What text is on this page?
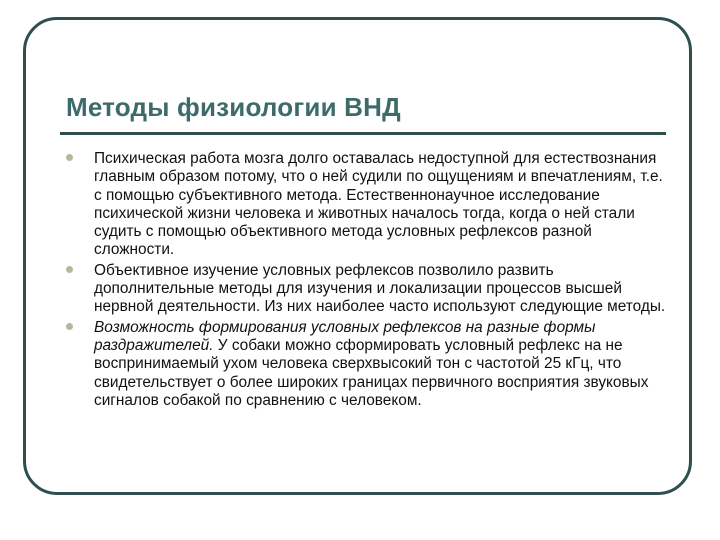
Методы физиологии ВНД
Психическая работа мозга долго оставалась недоступной для естествознания главным образом потому, что о ней судили по ощущениям и впечатлениям, т.е. с помощью субъективного метода. Естественнонаучное исследование психической жизни человека и животных началось тогда, когда о ней стали судить с помощью объективного метода условных рефлексов разной сложности.
Объективное изучение условных рефлексов позволило развить дополнительные методы для изучения и локализации процессов высшей нервной деятельности. Из них наиболее часто используют следующие методы.
Возможность формирования условных рефлексов на разные формы раздражителей. У собаки можно сформировать условный рефлекс на не воспринимаемый ухом человека сверхвысокий тон с частотой 25 кГц, что свидетельствует о более широких границах первичного восприятия звуковых сигналов собакой по сравнению с человеком.
